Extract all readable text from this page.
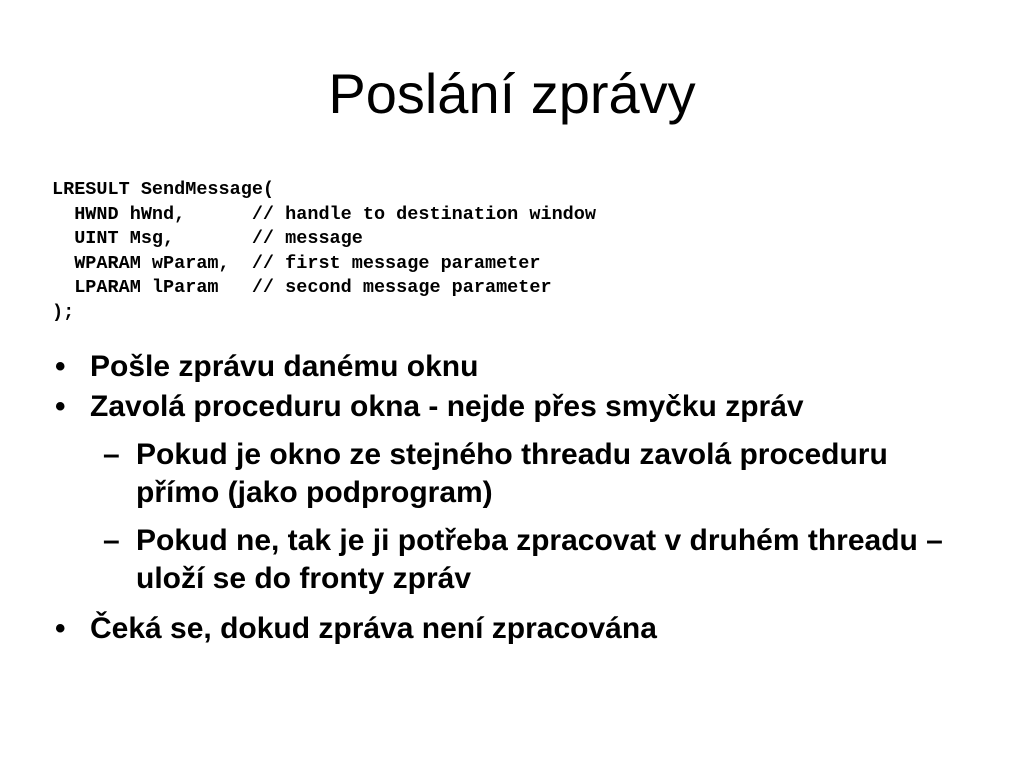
Poslání zprávy
LRESULT SendMessage(
HWND hWnd,      // handle to destination window
UINT Msg,       // message
WPARAM wParam,  // first message parameter
LPARAM lParam   // second message parameter
);
• Pošle zprávu danému oknu
• Zavolá proceduru okna - nejde přes smyčku zpráv
– Pokud je okno ze stejného threadu zavolá proceduru přímo (jako podprogram)
– Pokud ne, tak je ji potřeba zpracovat v druhém threadu – uloží se do fronty zpráv
• Čeká se, dokud zpráva není zpracována
